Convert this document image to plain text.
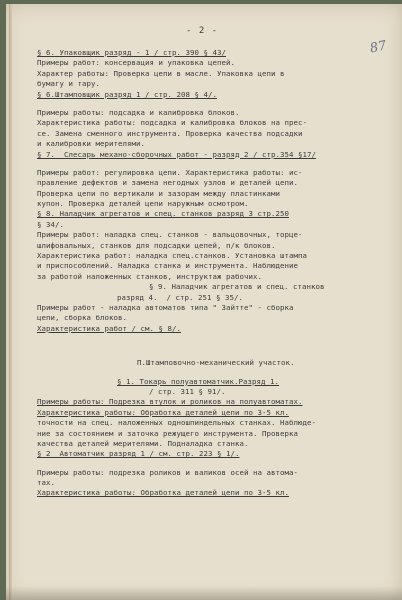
- 2 -
87
§ 6. Упаковщик разряд - 1 / стр. 390 § 43/
Примеры работ: консервация и упаковка цепей.
Характер работы: Проверка цепи в масле. Упаковка цепи в
бумагу и тару.
§ 6.Штамповщик разряд 1 / стр. 208 § 4/.
Примеры работы: подсадка и калибровка блоков.
Характеристика работы: подсадка и калибровка блоков на прес-
се. Замена сменного инструмента. Проверка качества подсадки
и калибровки мерителями.
§ 7.  Слесарь механо-сборочных работ - разряд 2 / стр.354 §17/
Примеры работ: регулировка цепи. Характеристика работы: ис-
правление дефектов и замена негодных узлов и деталей цепи.
Проверка цепи по вертикали и зазорам между пластинками
купон. Проверка деталей цепи наружным осмотром.
§ 8. Наладчик агрегатов и спец. станков разряд 3 стр.250
§ 34/.
Примеры работ: наладка спец. станков - вальцовочных, торце-
шлифовальных, станков для подсадки цепей, п/к блоков.
Характеристика работ: наладка спец.станков. Установка штампа
и приспособлений. Наладка станка и инструмента. Наблюдение
за работой наложенных станков, инструктаж рабочих.
§ 9. Наладчик агрегатов и спец. станков
разряд 4.  / стр. 251 § 35/.
Примеры работ - наладка автоматов типа " Зайтте" - сборка
цепи, сборка блоков.
Характеристика работ / см. § 8/.
П.Штамповочно-механический участок.
§ 1. Токарь полуавтоматчик.Разряд 1.
/ стр. 311 § 91/.
Примеры работы: Подрезка втулок и роликов на полуавтоматах.
Характеристика работы: Обработка деталей цепи по 3-5 кл.
точности на спец. наложенных одношпиндельных станках. Наблюде-
ние за состоянием и заточка режущего инструмента. Проверка
качества деталей мерителями. Подналадка станка.
§ 2  Автоматчик разряд 1 / см. стр. 223 § 1/.
Примеры работы: подрезка роликов и валиков осей на автома-
тах.
Характеристика работы: Обработка деталей цепи по 3-5 кл.
